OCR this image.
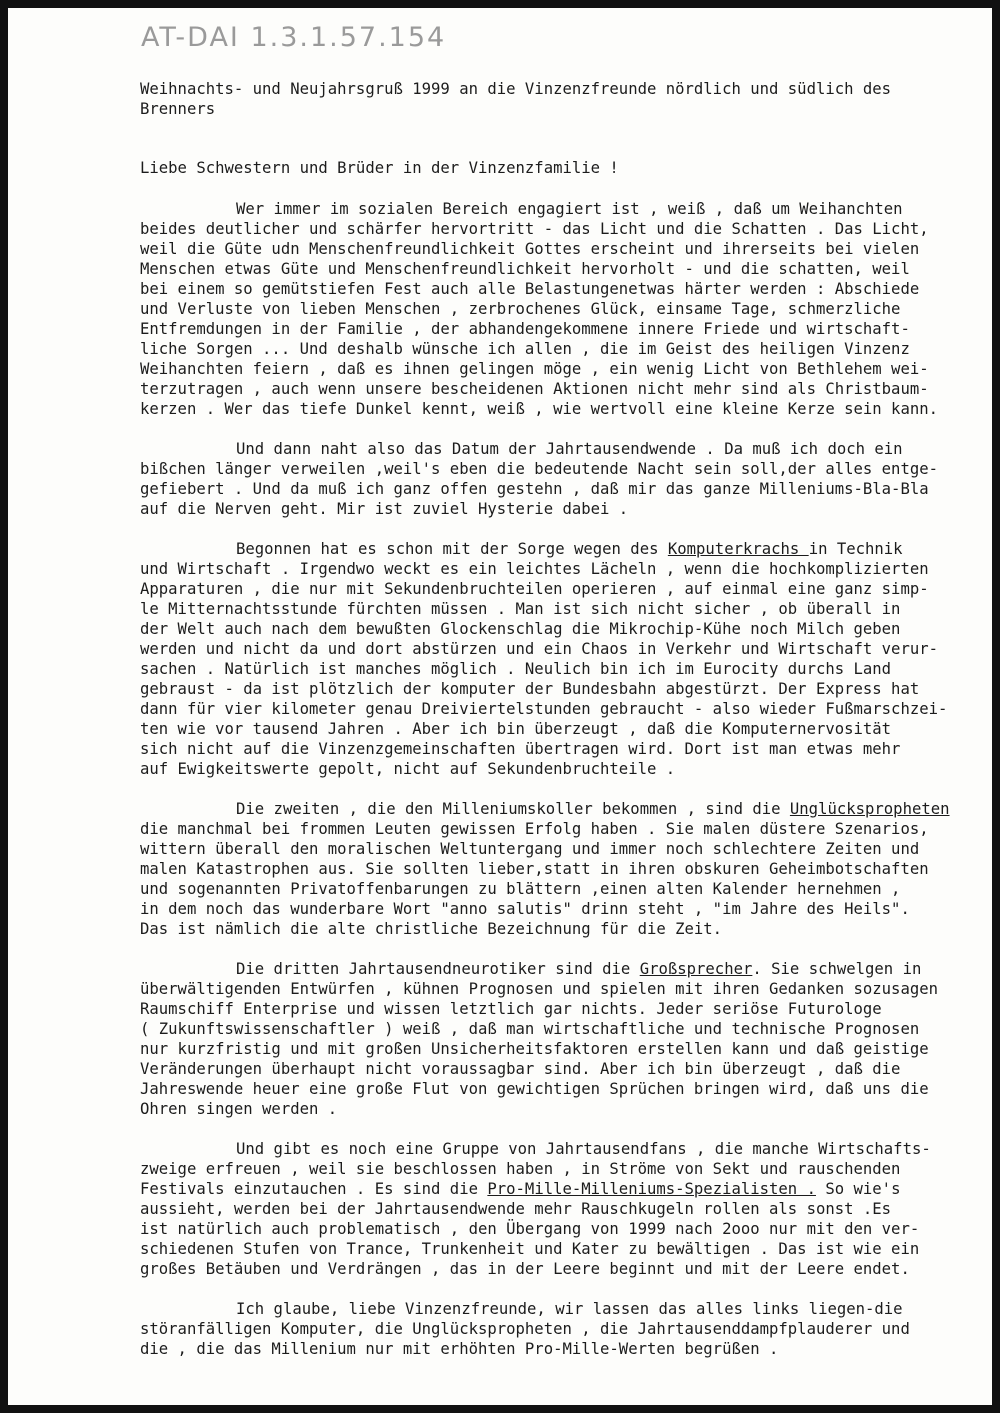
AT-DAI 1.3.1.57.154
Weihnachts- und Neujahrsgruß 1999 an die Vinzenzfreunde nördlich und südlich des
Brenners
Liebe Schwestern und Brüder in der Vinzenzfamilie !
Wer immer im sozialen Bereich engagiert ist , weiß , daß um Weihanchten
beides deutlicher und schärfer hervortritt - das Licht und die Schatten . Das Licht,
weil die Güte udn Menschenfreundlichkeit Gottes erscheint und ihrerseits bei vielen
Menschen etwas Güte und Menschenfreundlichkeit hervorholt - und die schatten, weil
bei einem so gemütstiefen Fest auch alle Belastungenetwas härter werden : Abschiede
und Verluste von lieben Menschen , zerbrochenes Glück, einsame Tage, schmerzliche
Entfremdungen in der Familie , der abhandengekommene innere Friede und wirtschaft-
liche Sorgen ... Und deshalb wünsche ich allen , die im Geist des heiligen Vinzenz
Weihanchten feiern , daß es ihnen gelingen möge , ein wenig Licht von Bethlehem wei-
terzutragen , auch wenn unsere bescheidenen Aktionen nicht mehr sind als Christbaum-
kerzen . Wer das tiefe Dunkel kennt, weiß , wie wertvoll eine kleine Kerze sein kann.
Und dann naht also das Datum der Jahrtausendwende . Da muß ich doch ein
bißchen länger verweilen ,weil's eben die bedeutende Nacht sein soll,der alles entge-
gefiebert . Und da muß ich ganz offen gestehn , daß mir das ganze Milleniums-Bla-Bla
auf die Nerven geht. Mir ist zuviel Hysterie dabei .
Begonnen hat es schon mit der Sorge wegen des Komputerkrachs in Technik
und Wirtschaft . Irgendwo weckt es ein leichtes Lächeln , wenn die hochkomplizierten
Apparaturen , die nur mit Sekundenbruchteilen operieren , auf einmal eine ganz simp-
le Mitternachtsstunde fürchten müssen . Man ist sich nicht sicher , ob überall in
der Welt auch nach dem bewußten Glockenschlag die Mikrochip-Kühe noch Milch geben
werden und nicht da und dort abstürzen und ein Chaos in Verkehr und Wirtschaft verur-
sachen . Natürlich ist manches möglich . Neulich bin ich im Eurocity durchs Land
gebraust - da ist plötzlich der komputer der Bundesbahn abgestürzt. Der Express hat
dann für vier kilometer genau Dreiviertelstunden gebraucht - also wieder Fußmarschzei-
ten wie vor tausend Jahren . Aber ich bin überzeugt , daß die Komputernervosität
sich nicht auf die Vinzenzgemeinschaften übertragen wird. Dort ist man etwas mehr
auf Ewigkeitswerte gepolt, nicht auf Sekundenbruchteile .
Die zweiten , die den Milleniumskoller bekommen , sind die Unglückspropheten
die manchmal bei frommen Leuten gewissen Erfolg haben . Sie malen düstere Szenarios,
wittern überall den moralischen Weltuntergang und immer noch schlechtere Zeiten und
malen Katastrophen aus. Sie sollten lieber,statt in ihren obskuren Geheimbotschaften
und sogenannten Privatoffenbarungen zu blättern ,einen alten Kalender hernehmen ,
in dem noch das wunderbare Wort "anno salutis" drinn steht , "im Jahre des Heils".
Das ist nämlich die alte christliche Bezeichnung für die Zeit.
Die dritten Jahrtausendneurotiker sind die Großsprecher. Sie schwelgen in
überwältigenden Entwürfen , kühnen Prognosen und spielen mit ihren Gedanken sozusagen
Raumschiff Enterprise und wissen letztlich gar nichts. Jeder seriöse Futurologe
( Zukunftswissenschaftler ) weiß , daß man wirtschaftliche und technische Prognosen
nur kurzfristig und mit großen Unsicherheitsfaktoren erstellen kann und daß geistige
Veränderungen überhaupt nicht voraussagbar sind. Aber ich bin überzeugt , daß die
Jahreswende heuer eine große Flut von gewichtigen Sprüchen bringen wird, daß uns die
Ohren singen werden .
Und gibt es noch eine Gruppe von Jahrtausendfans , die manche Wirtschafts-
zweige erfreuen , weil sie beschlossen haben , in Ströme von Sekt und rauschenden
Festivals einzutauchen . Es sind die Pro-Mille-Milleniums-Spezialisten . So wie's
aussieht, werden bei der Jahrtausendwende mehr Rauschkugeln rollen als sonst .Es
ist natürlich auch problematisch , den Übergang von 1999 nach 2ooo nur mit den ver-
schiedenen Stufen von Trance, Trunkenheit und Kater zu bewältigen . Das ist wie ein
großes Betäuben und Verdrängen , das in der Leere beginnt und mit der Leere endet.
Ich glaube, liebe Vinzenzfreunde, wir lassen das alles links liegen-die
störanfälligen Komputer, die Unglückspropheten , die Jahrtausenddampfplauderer und
die , die das Millenium nur mit erhöhten Pro-Mille-Werten begrüßen .
